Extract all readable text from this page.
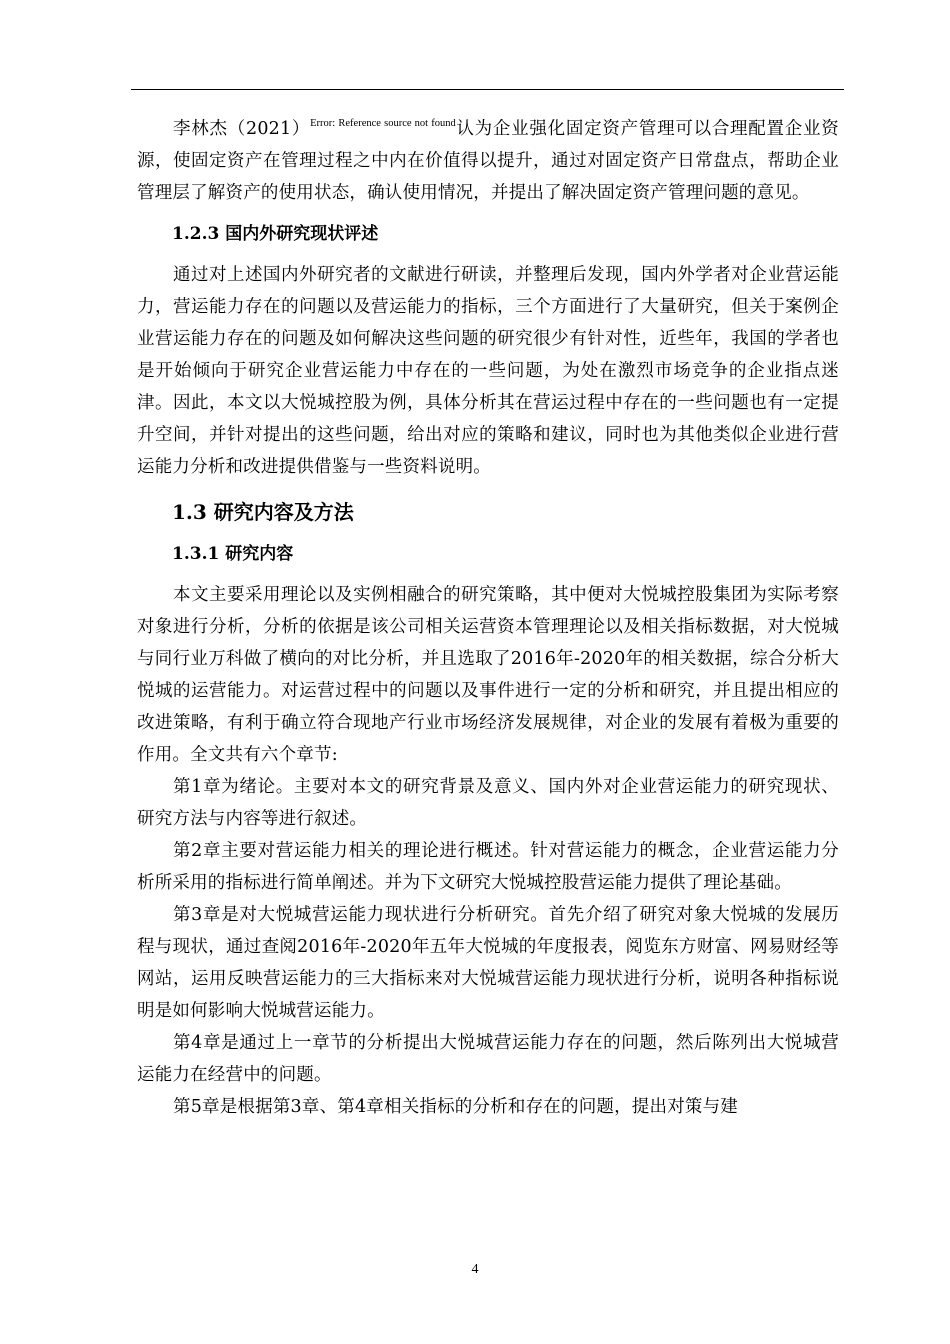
李林杰$(2021)^{Error: Reference source not found}$认为企业强化固定资产管理可以合理配置企业资源，使固定资产在管理过程之中内在价值得以提升，通过对固定资产日常盘点，帮助企业管理层了解资产的使用状态，确认使用情况，并提出了解决固定资产管理问题的意见。

1.2.3 国内外研究现状评述

通过对上述国内外研究者的文献进行研读，并整理后发现，国内外学者对企业营运能力，营运能力存在的问题以及营运能力的指标，三个方面进行了大量研究，但关于案例企业营运能力存在的问题及如何解决这些问题的研究很少有针对性，近些年，我国的学者也是开始倾向于研究企业营运能力中存在的一些问题，为处在激烈市场竞争的企业指点迷津。因此，本文以大悦城控股为例，具体分析其在营运过程中存在的一些问题也有一定提升空间，并针对提出的这些问题，给出对应的策略和建议，同时也为其他类似企业进行营运能力分析和改进提供借鉴与一些资料说明。

1.3 研究内容及方法
1.3.1 研究内容

本文主要采用理论以及实例相融合的研究策略，其中便对大悦城控股集团为实际考察对象进行分析，分析的依据是该公司相关运营资本管理理论以及相关指标数据，对大悦城与同行业万科做了横向的对比分析，并且选取了2016年-2020年的相关数据，综合分析大悦城的运营能力。对运营过程中的问题以及事件进行一定的分析和研究，并且提出相应的改进策略，有利于确立符合现地产行业市场经济发展规律，对企业的发展有着极为重要的作用。全文共有六个章节:

第1章为绪论。主要对本文的研究背景及意义、国内外对企业营运能力的研究现状、研究方法与内容等进行叙述。

第2章主要对营运能力相关的理论进行概述。针对营运能力的概念，企业营运能力分析所采用的指标进行简单阐述。并为下文研究大悦城控股营运能力提供了理论基础。

第3章是对大悦城营运能力现状进行分析研究。首先介绍了研究对象大悦城的发展历程与现状，通过查阅2016年-2020年五年大悦城的年度报表，阅览东方财富、网易财经等网站，运用反映营运能力的三大指标来对大悦城营运能力现状进行分析，说明各种指标说明是如何影响大悦城营运能力。

第4章是通过上一章节的分析提出大悦城营运能力存在的问题，然后陈列出大悦城营运能力在经营中的问题。

第5章是根据第3章、第4章相关指标的分析和存在的问题，提出对策与建

4
